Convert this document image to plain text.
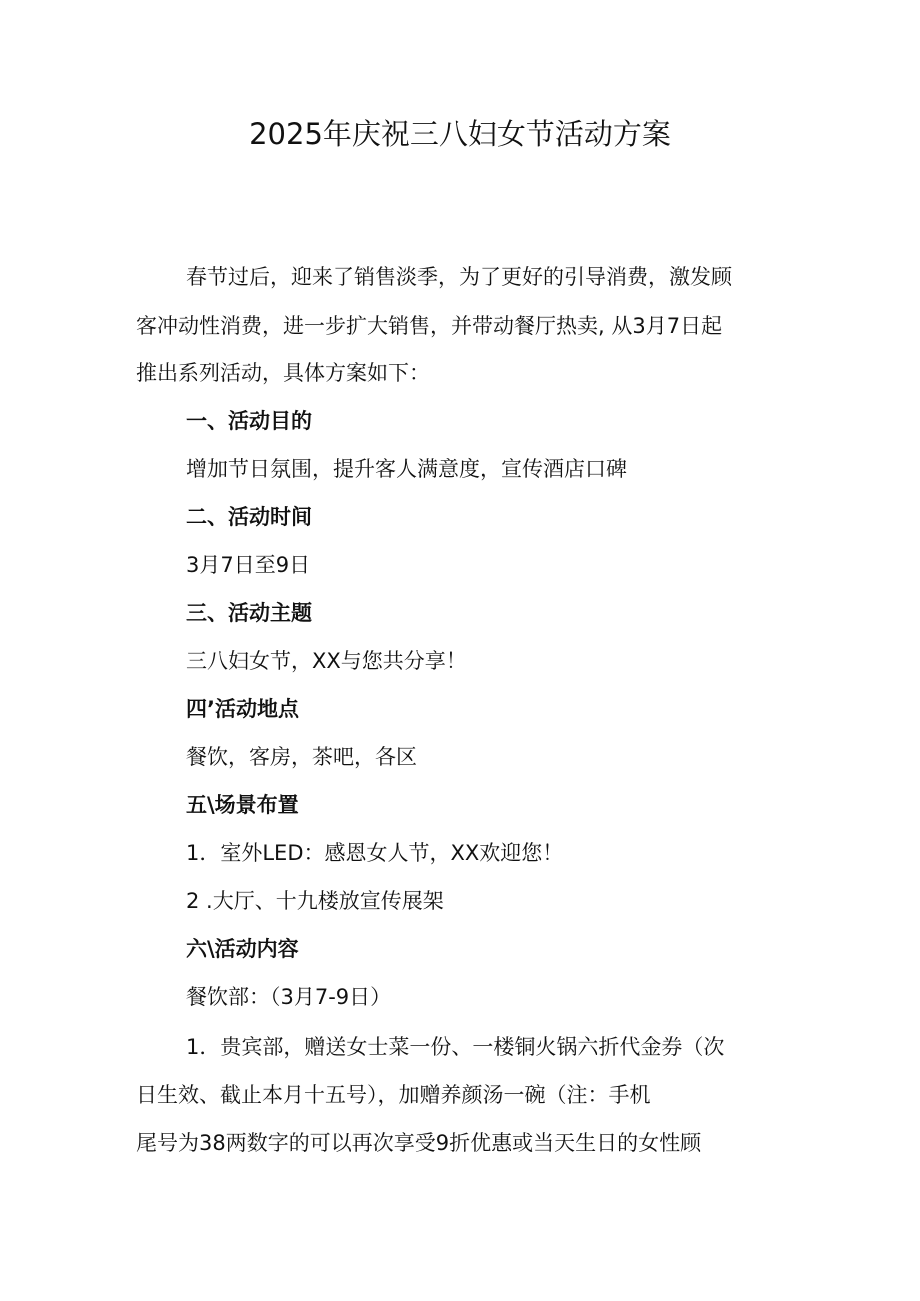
2025年庆祝三八妇女节活动方案

春节过后，迎来了销售淡季，为了更好的引导消费，激发顾

客冲动性消费，进一步扩大销售，并带动餐厅热卖, 从3月7日起

推出系列活动，具体方案如下：

一、活动目的

增加节日氛围，提升客人满意度，宣传酒店口碑

二、活动时间

3月7日至9日

三、活动主题

三八妇女节，XX与您共分享！

四’活动地点

餐饮，客房，茶吧，各区

五\场景布置

1．室外LED：感恩女人节，XX欢迎您！

2 .大厅、十九楼放宣传展架

六\活动内容

餐饮部：（3月7-9日）

1．贵宾部，赠送女士菜一份、一楼铜火锅六折代金券（次

日生效、截止本月十五号），加赠养颜汤一碗（注：手机

尾号为38两数字的可以再次享受9折优惠或当天生日的女性顾
